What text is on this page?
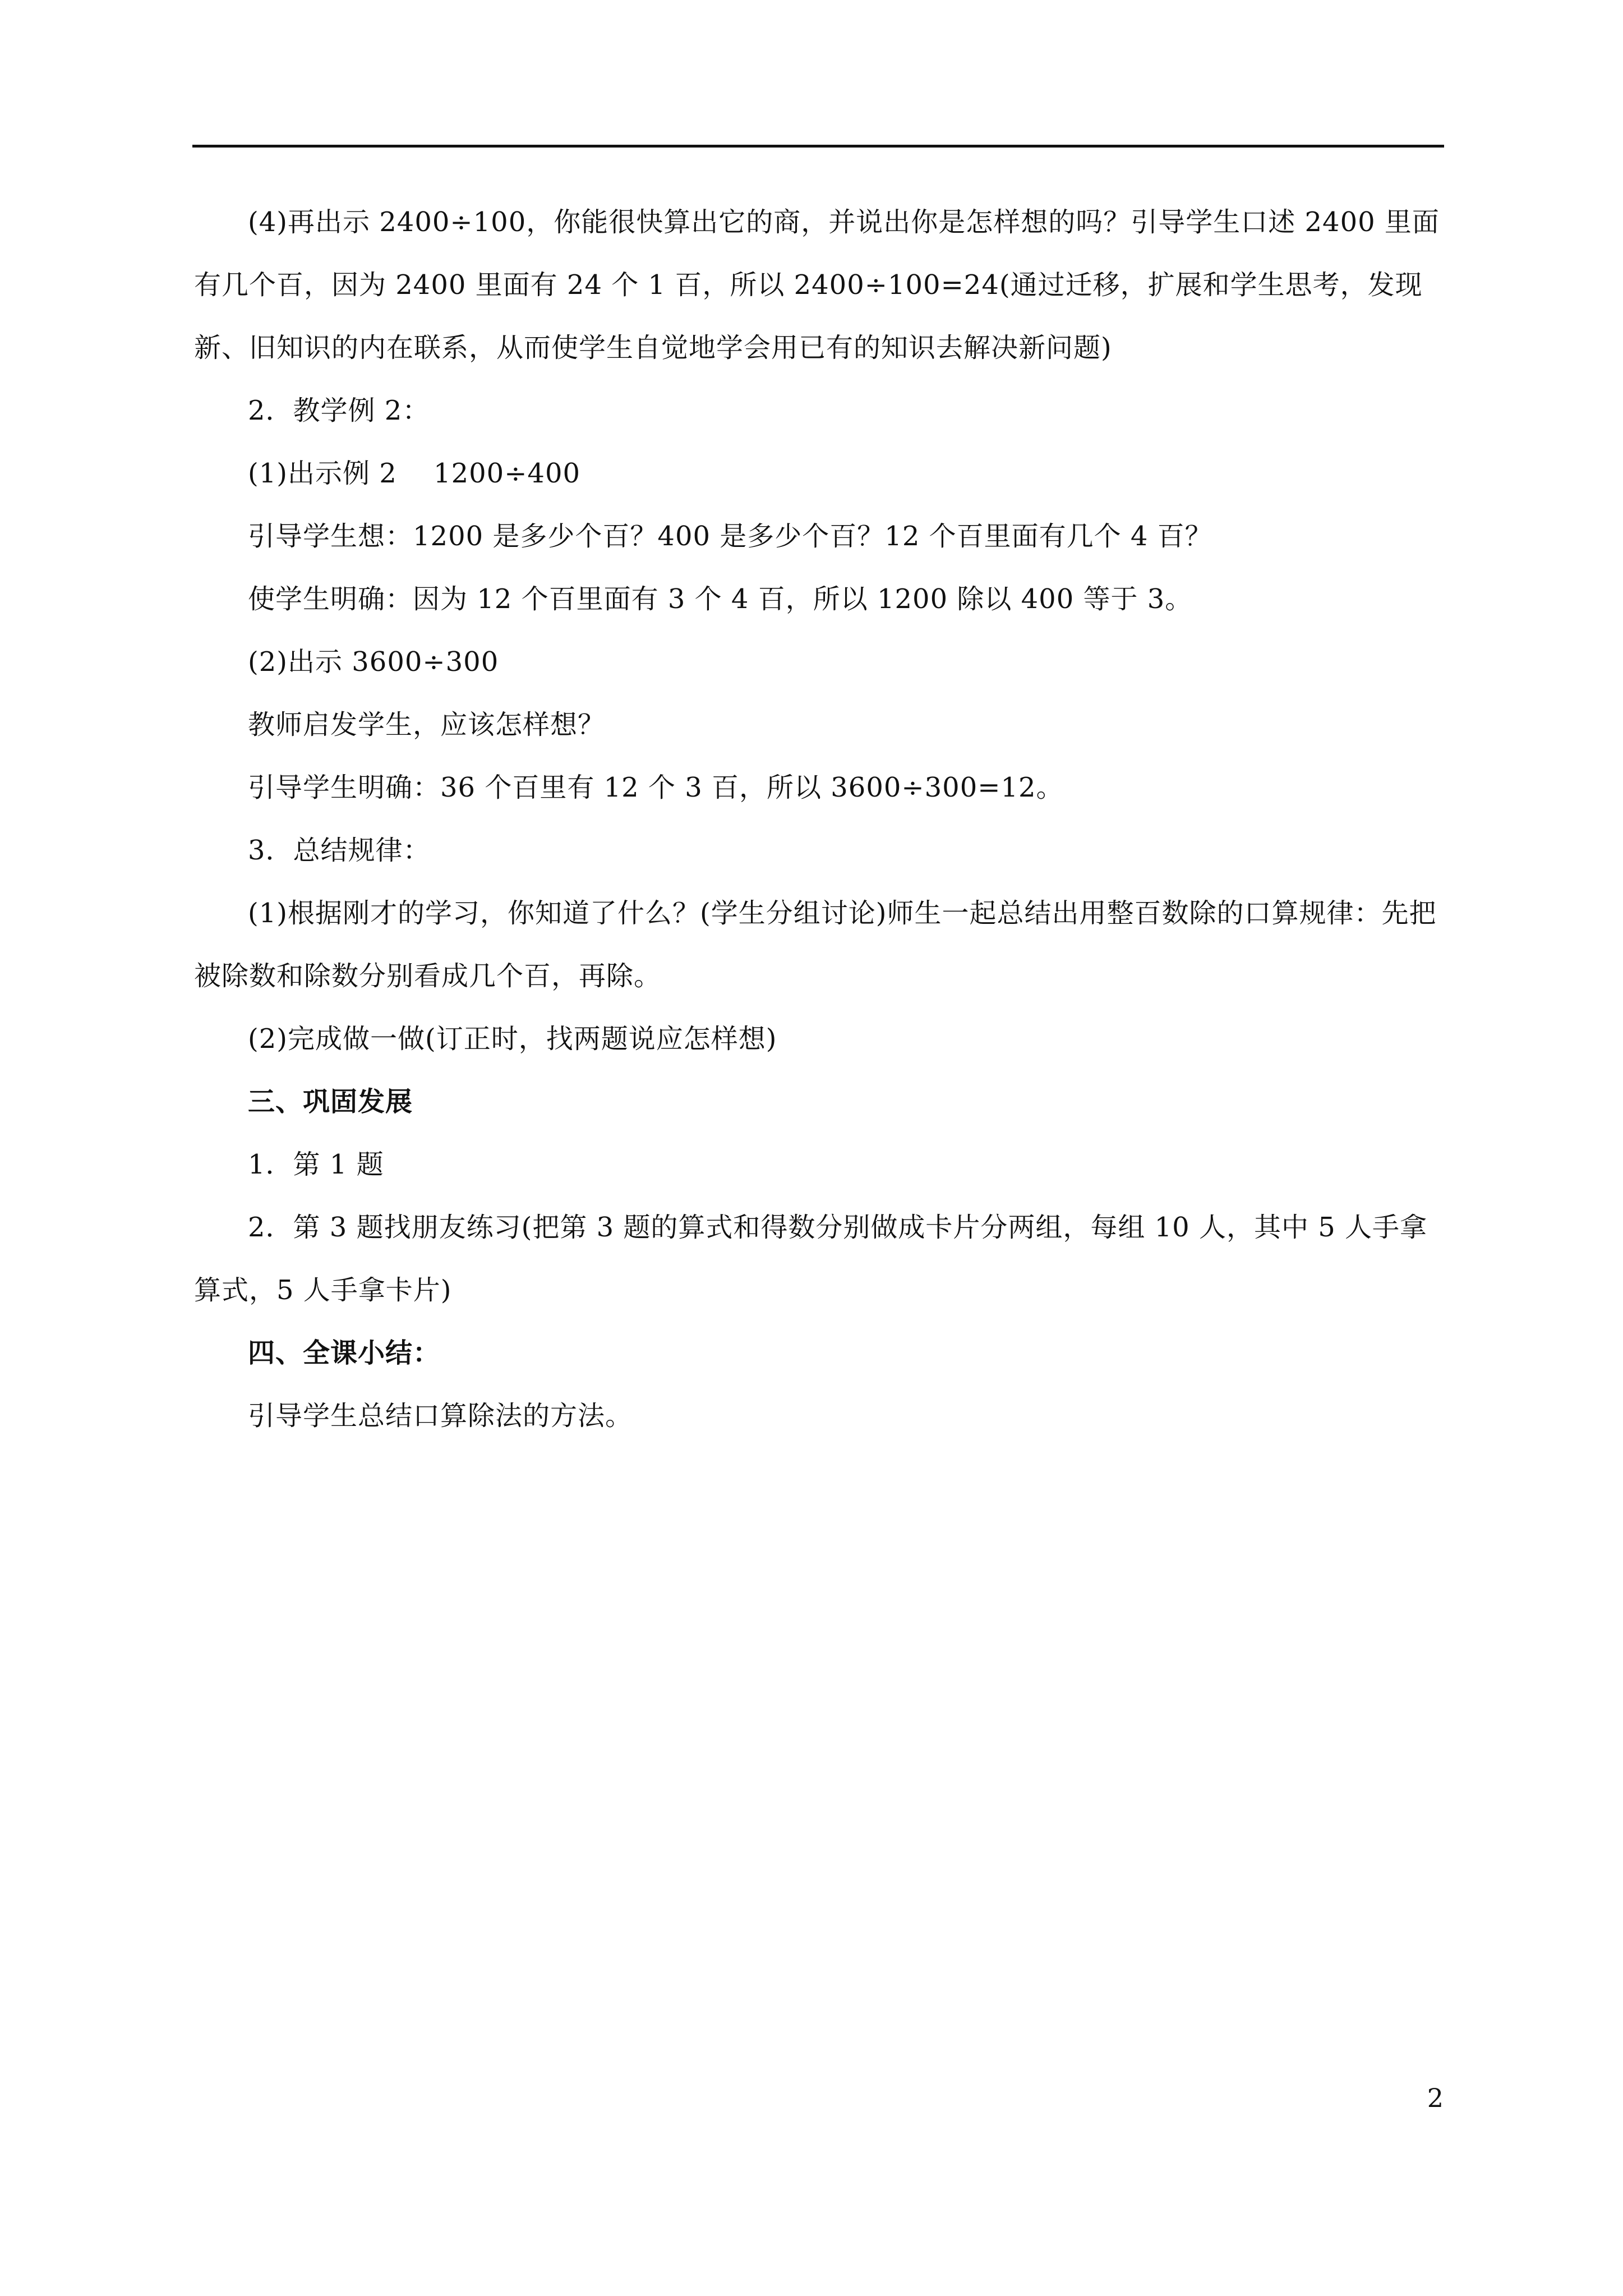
(4)再出示 2400÷100，你能很快算出它的商，并说出你是怎样想的吗？引导学生口述 2400 里面有几个百，因为 2400 里面有 24 个 1 百，所以 2400÷100=24(通过迁移，扩展和学生思考，发现新、旧知识的内在联系，从而使学生自觉地学会用已有的知识去解决新问题)

2．教学例 2：

(1)出示例 2　 1200÷400

引导学生想：1200 是多少个百？400 是多少个百？12 个百里面有几个 4 百？

使学生明确：因为 12 个百里面有 3 个 4 百，所以 1200 除以 400 等于 3。

(2)出示 3600÷300

教师启发学生，应该怎样想？

引导学生明确：36 个百里有 12 个 3 百，所以 3600÷300=12。

3．总结规律：

(1)根据刚才的学习，你知道了什么？(学生分组讨论)师生一起总结出用整百数除的口算规律：先把被除数和除数分别看成几个百，再除。

(2)完成做一做(订正时，找两题说应怎样想)

三、巩固发展

1．第 1 题

2．第 3 题找朋友练习(把第 3 题的算式和得数分别做成卡片分两组，每组 10 人，其中 5 人手拿算式，5 人手拿卡片)

四、全课小结：

引导学生总结口算除法的方法。

2
